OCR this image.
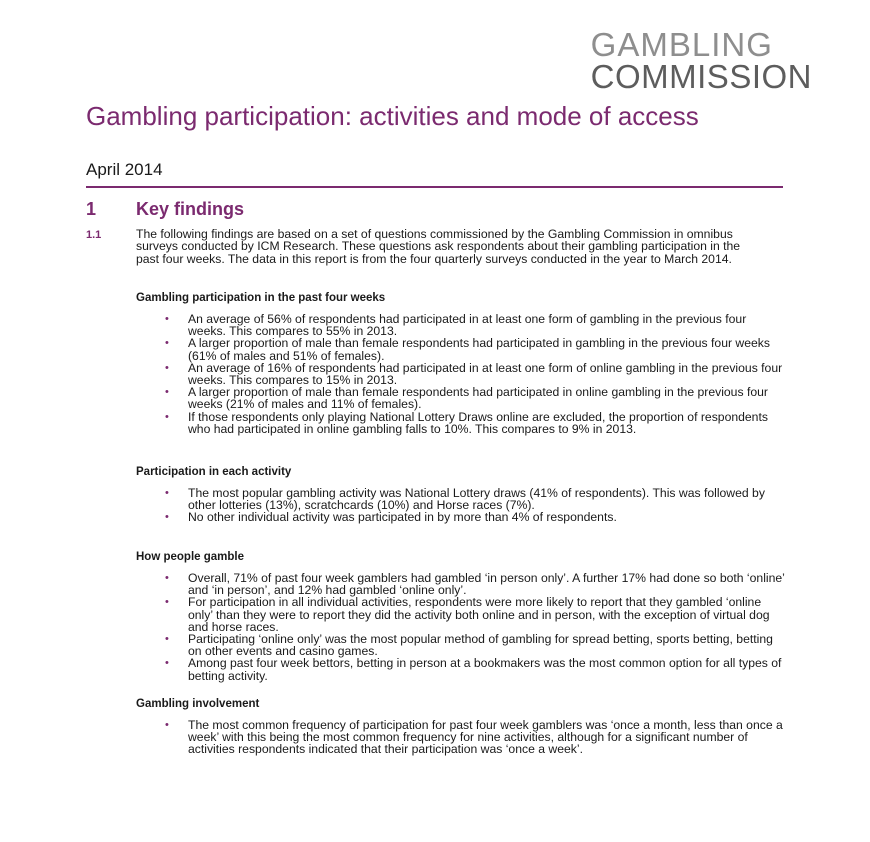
GAMBLING
COMMISSION
Gambling participation: activities and mode of access
April 2014
1 Key findings
1.1	The following findings are based on a set of questions commissioned by the Gambling Commission in omnibus surveys conducted by ICM Research. These questions ask respondents about their gambling participation in the past four weeks. The data in this report is from the four quarterly surveys conducted in the year to March 2014.

Gambling participation in the past four weeks
• An average of 56% of respondents had participated in at least one form of gambling in the previous four weeks. This compares to 55% in 2013.
• A larger proportion of male than female respondents had participated in gambling in the previous four weeks (61% of males and 51% of females).
• An average of 16% of respondents had participated in at least one form of online gambling in the previous four weeks. This compares to 15% in 2013.
• A larger proportion of male than female respondents had participated in online gambling in the previous four weeks (21% of males and 11% of females).
• If those respondents only playing National Lottery Draws online are excluded, the proportion of respondents who had participated in online gambling falls to 10%. This compares to 9% in 2013.
Participation in each activity
• The most popular gambling activity was National Lottery draws (41% of respondents). This was followed by other lotteries (13%), scratchcards (10%) and Horse races (7%).
• No other individual activity was participated in by more than 4% of respondents.
How people gamble
• Overall, 71% of past four week gamblers had gambled ‘in person only’. A further 17% had done so both ‘online’ and ‘in person’, and 12% had gambled ‘online only’.
• For participation in all individual activities, respondents were more likely to report that they gambled ‘online only’ than they were to report they did the activity both online and in person, with the exception of virtual dog and horse races.
• Participating ‘online only’ was the most popular method of gambling for spread betting, sports betting, betting on other events and casino games.
• Among past four week bettors, betting in person at a bookmakers was the most common option for all types of betting activity.
Gambling involvement
• The most common frequency of participation for past four week gamblers was ‘once a month, less than once a week’ with this being the most common frequency for nine activities, although for a significant number of activities respondents indicated that their participation was ‘once a week’.
